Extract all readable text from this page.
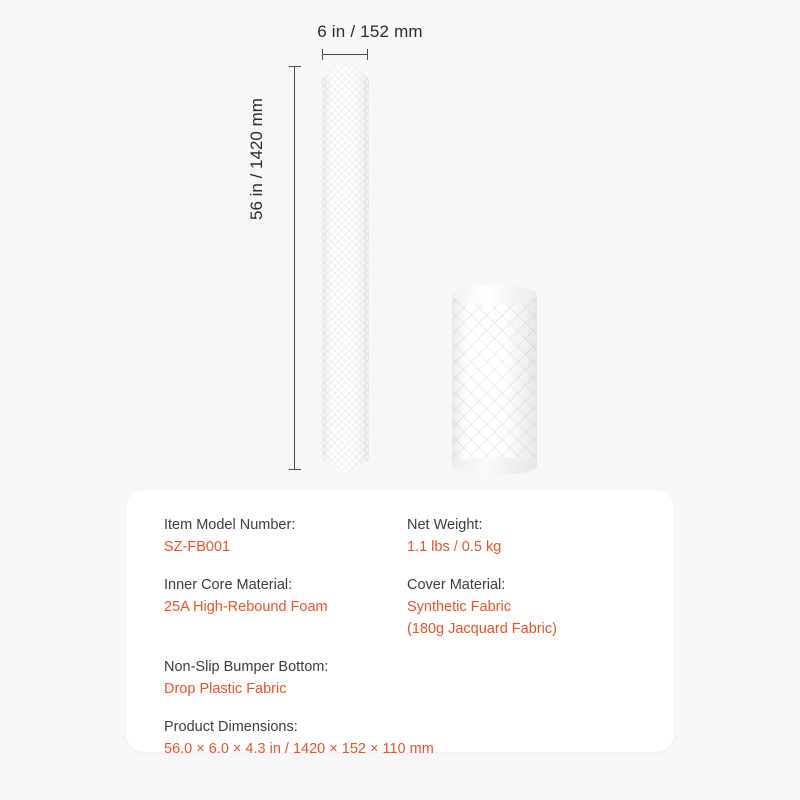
6 in / 152 mm
56 in / 1420 mm
Item Model Number:
SZ-FB001
Net Weight:
1.1 lbs / 0.5 kg
Inner Core Material:
25A High-Rebound Foam
Cover Material:
Synthetic Fabric
(180g Jacquard Fabric)
Non-Slip Bumper Bottom:
Drop Plastic Fabric
Product Dimensions:
56.0 × 6.0 × 4.3 in / 1420 × 152 × 110 mm
